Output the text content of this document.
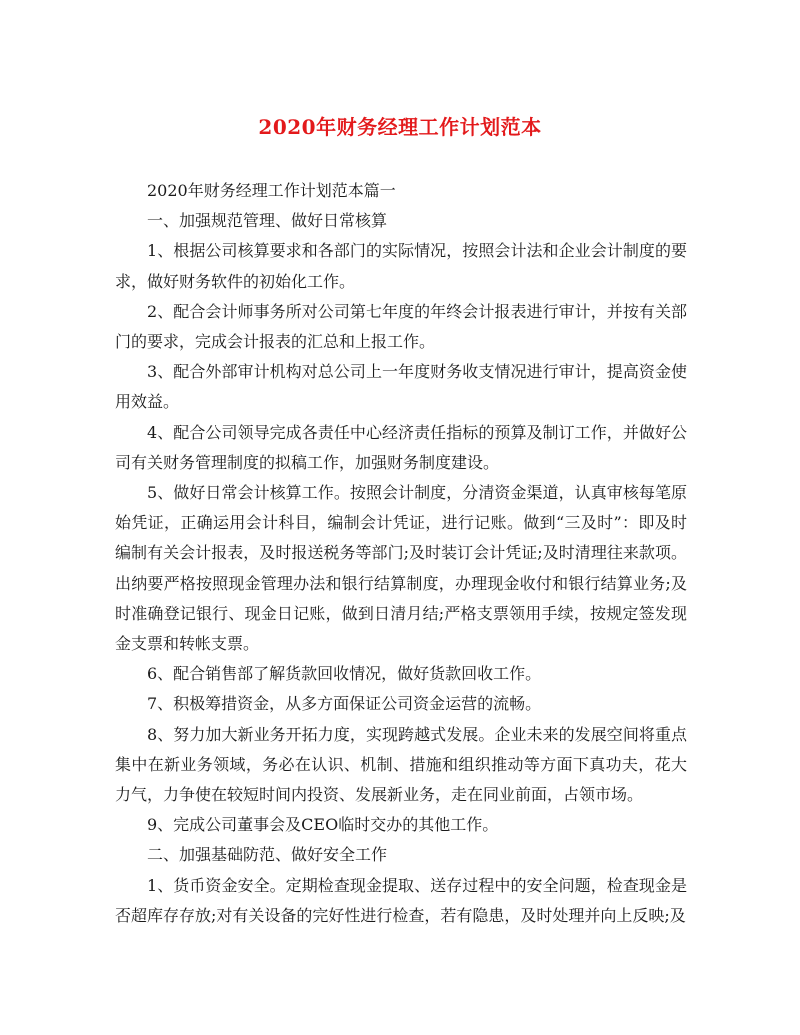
2020年财务经理工作计划范本

2020年财务经理工作计划范本篇一

一、加强规范管理、做好日常核算

1、根据公司核算要求和各部门的实际情况，按照会计法和企业会计制度的要求，做好财务软件的初始化工作。

2、配合会计师事务所对公司第七年度的年终会计报表进行审计，并按有关部门的要求，完成会计报表的汇总和上报工作。

3、配合外部审计机构对总公司上一年度财务收支情况进行审计，提高资金使用效益。

4、配合公司领导完成各责任中心经济责任指标的预算及制订工作，并做好公司有关财务管理制度的拟稿工作，加强财务制度建设。

5、做好日常会计核算工作。按照会计制度，分清资金渠道，认真审核每笔原始凭证，正确运用会计科目，编制会计凭证，进行记账。做到“三及时”：即及时编制有关会计报表，及时报送税务等部门;及时装订会计凭证;及时清理往来款项。出纳要严格按照现金管理办法和银行结算制度，办理现金收付和银行结算业务;及时准确登记银行、现金日记账，做到日清月结;严格支票领用手续，按规定签发现金支票和转帐支票。

6、配合销售部了解货款回收情况，做好货款回收工作。

7、积极筹措资金，从多方面保证公司资金运营的流畅。

8、努力加大新业务开拓力度，实现跨越式发展。企业未来的发展空间将重点集中在新业务领域，务必在认识、机制、措施和组织推动等方面下真功夫，花大力气，力争使在较短时间内投资、发展新业务，走在同业前面，占领市场。

9、完成公司董事会及CEO临时交办的其他工作。

二、加强基础防范、做好安全工作

1、货币资金安全。定期检查现金提取、送存过程中的安全问题，检查现金是否超库存存放;对有关设备的完好性进行检查，若有隐患，及时处理并向上反映;及
